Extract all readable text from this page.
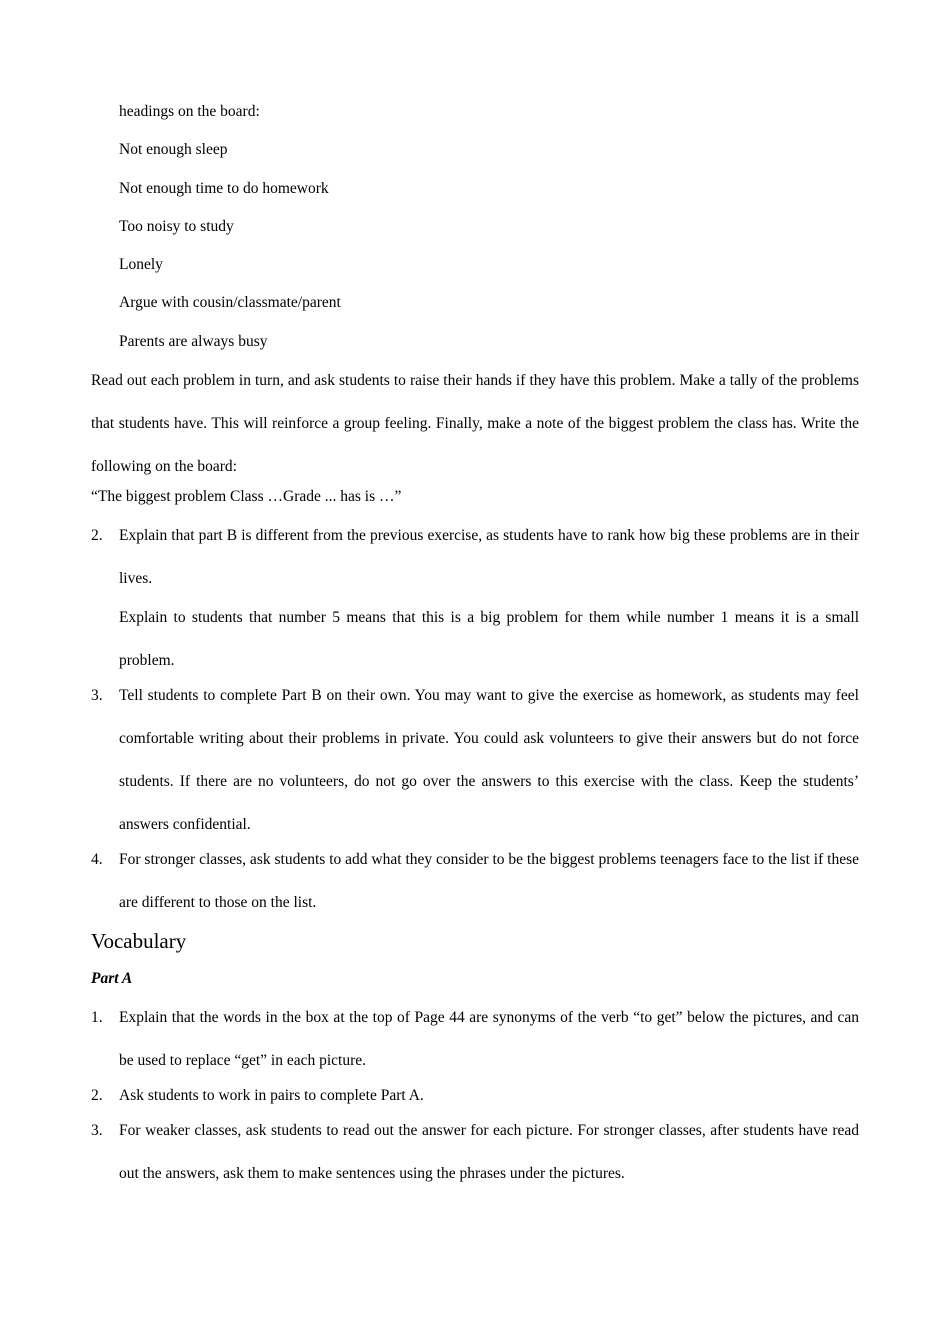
headings on the board:
Not enough sleep
Not enough time to do homework
Too noisy to study
Lonely
Argue with cousin/classmate/parent
Parents are always busy

Read out each problem in turn, and ask students to raise their hands if they have this problem. Make a tally of the problems that students have. This will reinforce a group feeling. Finally, make a note of the biggest problem the class has. Write the following on the board:

“The biggest problem Class …Grade ... has is …”
2.	Explain that part B is different from the previous exercise, as students have to rank how big these problems are in their lives.
Explain to students that number 5 means that this is a big problem for them while number 1 means it is a small problem.
3.	Tell students to complete Part B on their own. You may want to give the exercise as homework, as students may feel comfortable writing about their problems in private. You could ask volunteers to give their answers but do not force students. If there are no volunteers, do not go over the answers to this exercise with the class. Keep the students’ answers confidential.
4.	For stronger classes, ask students to add what they consider to be the biggest problems teenagers face to the list if these are different to those on the list.
Vocabulary
Part A
1.	Explain that the words in the box at the top of Page 44 are synonyms of the verb “to get” below the pictures, and can be used to replace “get” in each picture.
2.	Ask students to work in pairs to complete Part A.
3.	For weaker classes, ask students to read out the answer for each picture. For stronger classes, after students have read out the answers, ask them to make sentences using the phrases under the pictures.
